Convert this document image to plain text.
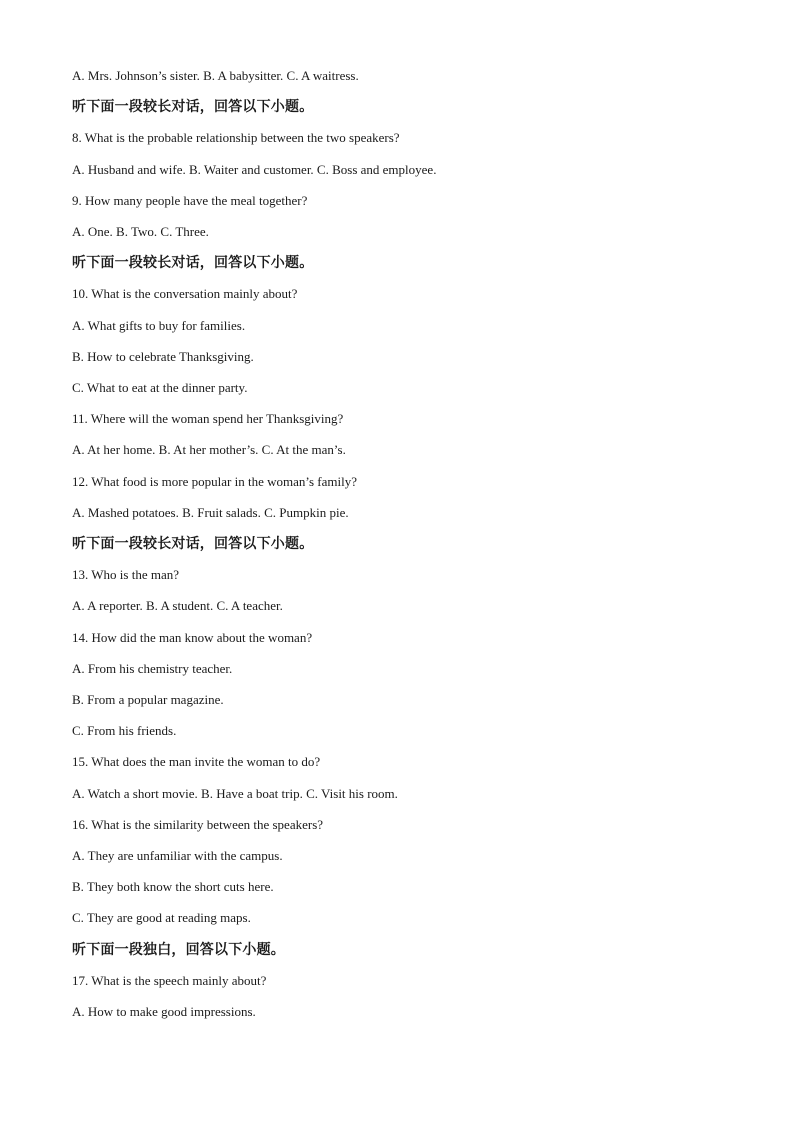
A. Mrs. Johnson’s sister. B. A babysitter. C. A waitress.
听下面一段较长对话，回答以下小题。
8. What is the probable relationship between the two speakers?
A. Husband and wife. B. Waiter and customer. C. Boss and employee.
9. How many people have the meal together?
A. One. B. Two. C. Three.
听下面一段较长对话，回答以下小题。
10. What is the conversation mainly about?
A. What gifts to buy for families.
B. How to celebrate Thanksgiving.
C. What to eat at the dinner party.
11. Where will the woman spend her Thanksgiving?
A. At her home. B. At her mother’s. C. At the man’s.
12. What food is more popular in the woman’s family?
A. Mashed potatoes. B. Fruit salads. C. Pumpkin pie.
听下面一段较长对话，回答以下小题。
13. Who is the man?
A. A reporter. B. A student. C. A teacher.
14. How did the man know about the woman?
A. From his chemistry teacher.
B. From a popular magazine.
C. From his friends.
15. What does the man invite the woman to do?
A. Watch a short movie. B. Have a boat trip. C. Visit his room.
16. What is the similarity between the speakers?
A. They are unfamiliar with the campus.
B. They both know the short cuts here.
C. They are good at reading maps.
听下面一段独白，回答以下小题。
17. What is the speech mainly about?
A. How to make good impressions.
